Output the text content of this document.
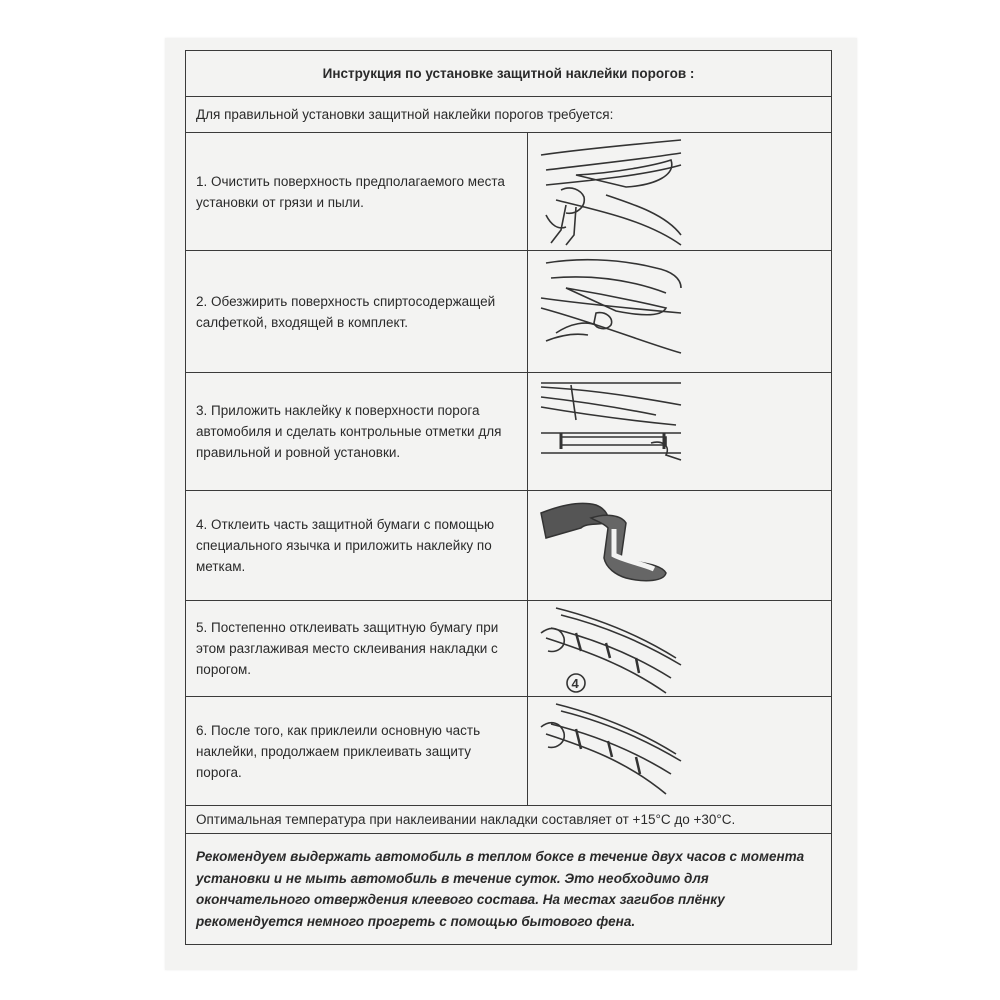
Инструкция по установке защитной наклейки порогов :
Для правильной установки защитной наклейки порогов требуется:
1. Очистить поверхность предполагаемого места установки от грязи и пыли.
2. Обезжирить поверхность спиртосодержащей салфеткой, входящей в комплект.
3. Приложить наклейку к поверхности порога автомобиля и сделать контрольные отметки для правильной и ровной установки.
4. Отклеить часть защитной бумаги с помощью специального язычка и приложить наклейку по меткам.
5. Постепенно отклеивать защитную бумагу при этом разглаживая место склеивания накладки с порогом.
4
6. После того, как приклеили основную часть наклейки, продолжаем приклеивать защиту порога.
Оптимальная температура при наклеивании накладки составляет от +15°С до +30°С.
Рекомендуем выдержать автомобиль в теплом боксе в течение двух часов с момента установки и не мыть автомобиль в течение суток. Это необходимо для окончательного отверждения клеевого состава. На местах загибов плёнку рекомендуется немного прогреть с помощью бытового фена.
